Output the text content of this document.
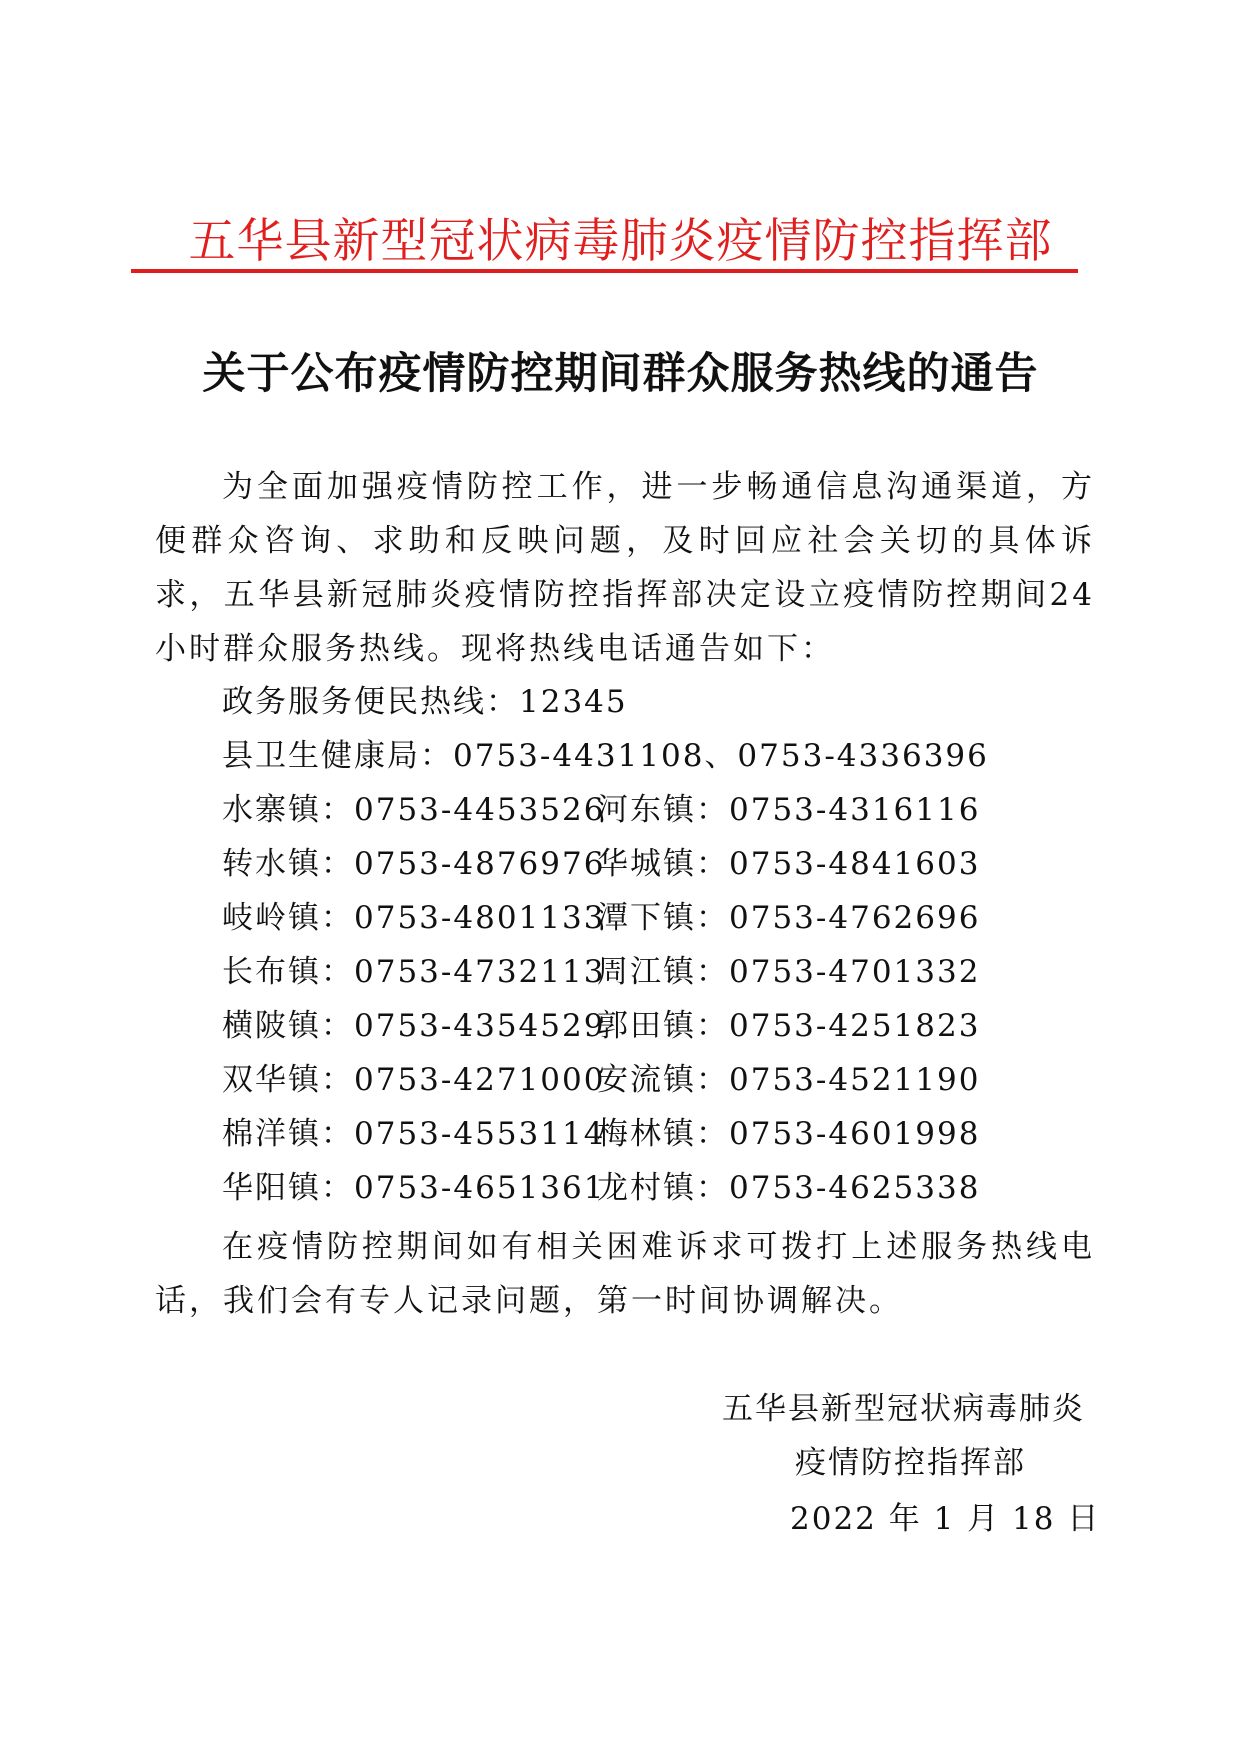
五华县新型冠状病毒肺炎疫情防控指挥部
关于公布疫情防控期间群众服务热线的通告
为全面加强疫情防控工作，进一步畅通信息沟通渠道，方便群众咨询、求助和反映问题，及时回应社会关切的具体诉求，五华县新冠肺炎疫情防控指挥部决定设立疫情防控期间24小时群众服务热线。现将热线电话通告如下：
政务服务便民热线：12345
县卫生健康局：0753-4431108、0753-4336396
水寨镇：0753-4453526
河东镇：0753-4316116
转水镇：0753-4876976
华城镇：0753-4841603
岐岭镇：0753-4801133
潭下镇：0753-4762696
长布镇：0753-4732113
周江镇：0753-4701332
横陂镇：0753-4354529
郭田镇：0753-4251823
双华镇：0753-4271000
安流镇：0753-4521190
棉洋镇：0753-4553114
梅林镇：0753-4601998
华阳镇：0753-4651361
龙村镇：0753-4625338
在疫情防控期间如有相关困难诉求可拨打上述服务热线电话，我们会有专人记录问题，第一时间协调解决。
五华县新型冠状病毒肺炎
疫情防控指挥部
2022 年 1 月 18 日
